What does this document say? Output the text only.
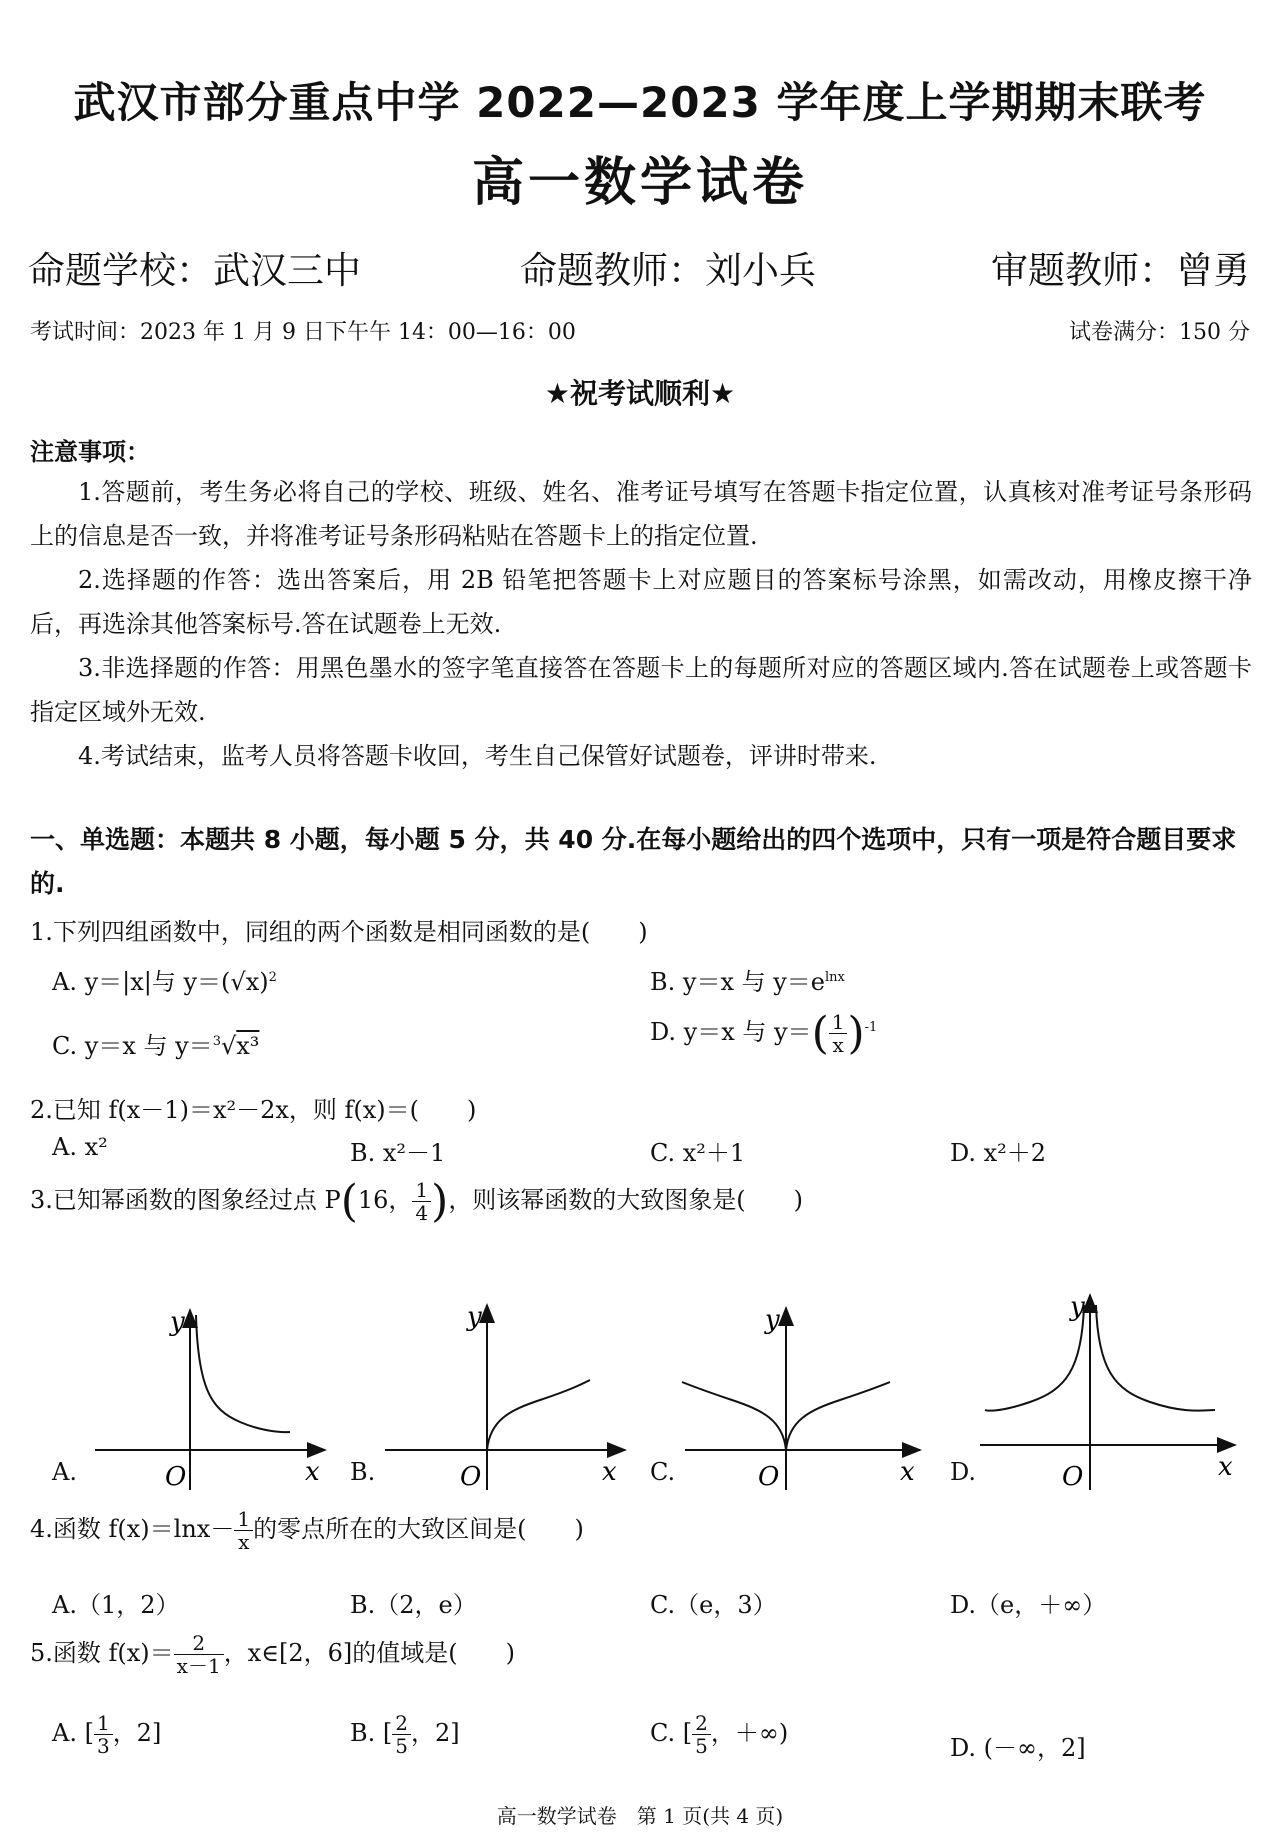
武汉市部分重点中学 2022—2023 学年度上学期期末联考
高一数学试卷
命题学校：武汉三中	命题教师：刘小兵	审题教师：曾勇
考试时间：2023 年 1 月 9 日下午午 14：00—16：00	试卷满分：150 分
★祝考试顺利★
注意事项：
1.答题前，考生务必将自己的学校、班级、姓名、准考证号填写在答题卡指定位置，认真核对准考证号条形码上的信息是否一致，并将准考证号条形码粘贴在答题卡上的指定位置.
2.选择题的作答：选出答案后，用 2B 铅笔把答题卡上对应题目的答案标号涂黑，如需改动，用橡皮擦干净后，再选涂其他答案标号.答在试题卷上无效.
3.非选择题的作答：用黑色墨水的签字笔直接答在答题卡上的每题所对应的答题区域内.答在试题卷上或答题卡指定区域外无效.
4.考试结束，监考人员将答题卡收回，考生自己保管好试题卷，评讲时带来.
一、单选题：本题共 8 小题，每小题 5 分，共 40 分.在每小题给出的四个选项中，只有一项是符合题目要求的.
1.下列四组函数中，同组的两个函数是相同函数的是(　　)
A. y＝|x|与 $y=(√x)^2$	B. y＝x 与 $y=e^{lnx}$
C. y＝x 与 y＝$^3$√x³	D. y＝x 与 $y=( \frac{1}{x} )^{-1}$
2.已知 f(x－1)＝x²－2x，则 f(x)＝(　　)
A. x²	B. x²－1	C. x²＋1	D. x²＋2
3.已知幂函数的图象经过点 P(16， $\frac{1}{4}$ )，则该幂函数的大致图象是(　　)
y
x
O
y
x
O
y
x
O
y
x
O
A.	B.	C.	D.
4.函数 $f(x)=\ln x- \frac{1}{x}$ 的零点所在的大致区间是(　　)
A.（1，2）	B.（2，e）	C.（e，3）	D.（e，＋∞）
5.函数 $f(x)= \frac{2}{x-1}$ ，x∈[2，6]的值域是(　　)
A. [ $\frac{1}{3}$ ，2]	B. [ $\frac{2}{5}$ ，2]	C. [ $\frac{2}{5}$ ，＋∞)
D. (－∞，2]
高一数学试卷　第 1 页(共 4 页)
